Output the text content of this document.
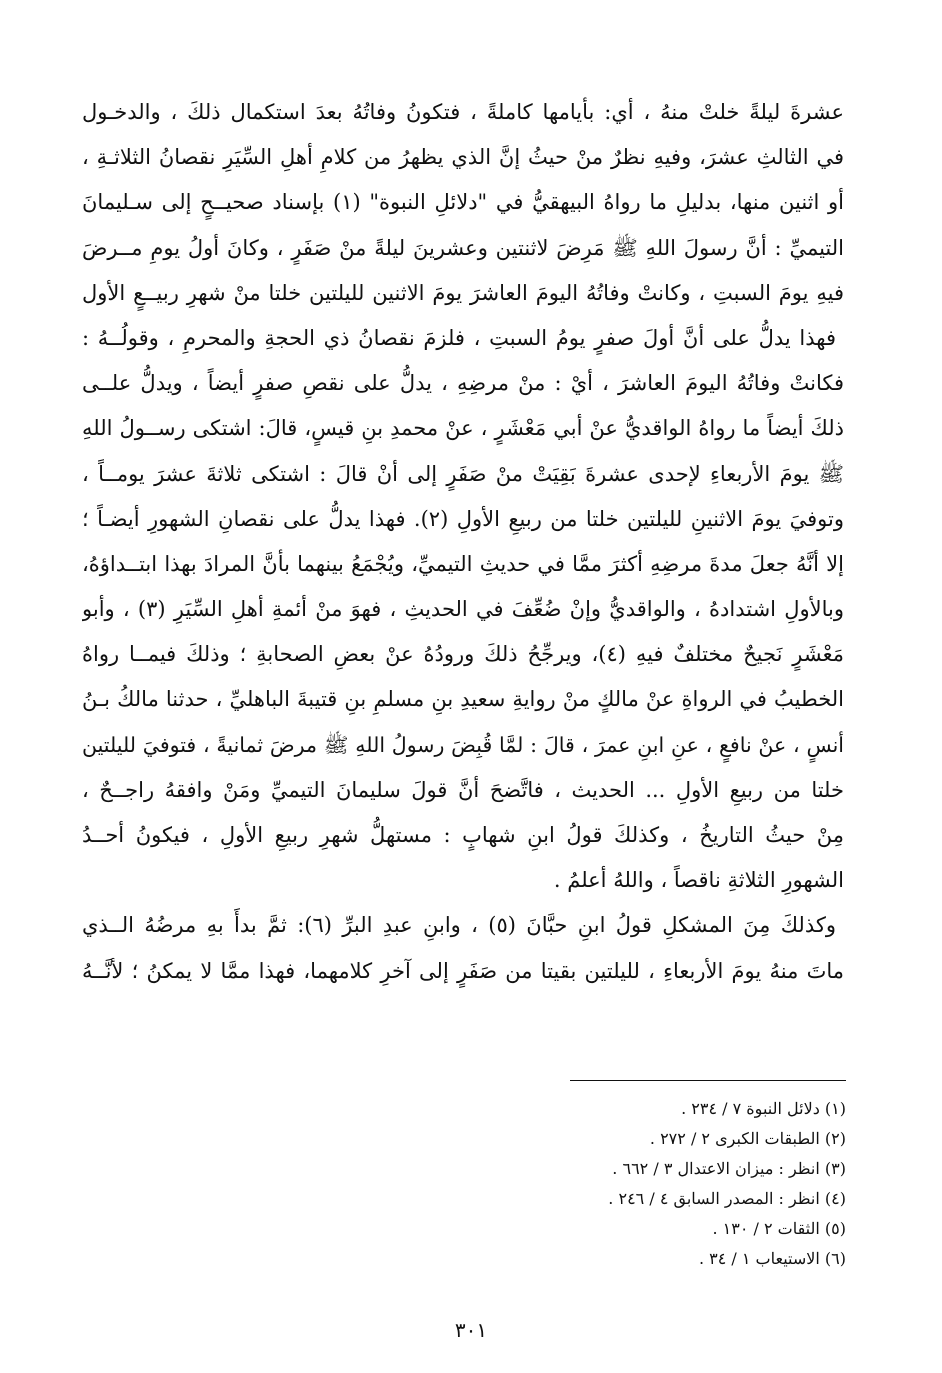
عشرةَ ليلةً خلتْ منهُ ، أي: بأيامها كاملةً ، فتكونُ وفاتُهُ بعدَ استكمال ذلكَ ، والدخـول
في الثالثِ عشرَ، وفيهِ نظرٌ منْ حيثُ إنَّ الذي يظهرُ من كلامِ أهلِ السِّيَرِ نقصانُ الثلاثـةِ ،
أو اثنين منها، بدليلِ ما رواهُ البيهقيُّ في "دلائلِ النبوة" (١) بإسناد صحيــحٍ إلى سـليمانَ
التيميِّ : أنَّ رسولَ اللهِ ﷺ مَرِضَ لاثنتين وعشرينَ ليلةً منْ صَفَرٍ ، وكانَ أولُ يومِ مــرضَ
فيهِ يومَ السبتِ ، وكانتْ وفاتُهُ اليومَ العاشرَ يومَ الاثنين لليلتين خلتا منْ شهرِ ربيــعٍ الأول
فهذا يدلُّ على أنَّ أولَ صفرٍ يومُ السبتِ ، فلزمَ نقصانُ ذي الحجةِ والمحرمِ ، وقولُــهُ :
فكانتْ وفاتُهُ اليومَ العاشرَ ، أيْ : منْ مرضِهِ ، يدلُّ على نقصِ صفرٍ أيضاً ، ويدلُّ علــى
ذلكَ أيضاً ما رواهُ الواقديُّ عنْ أبي مَعْشَرٍ ، عنْ محمدِ بنِ قيسٍ، قالَ: اشتكى رســولُ اللهِ
ﷺ يومَ الأربعاءِ لإحدى عشرةَ بَقِيَتْ منْ صَفَرٍ إلى أنْ قالَ : اشتكى ثلاثةَ عشرَ يومــاً ،
وتوفيَ يومَ الاثنينِ لليلتين خلتا من ربيعِ الأولِ (٢). فهذا يدلُّ على نقصانِ الشهورِ أيضـاً ؛
إلا أنَّهُ جعلَ مدةَ مرضِهِ أكثرَ ممَّا في حديثِ التيميِّ، ويُجْمَعُ بينهما بأنَّ المرادَ بهذا ابتــداؤهُ،
وبالأولِ اشتدادهُ ، والواقديُّ وإنْ ضُعِّفَ في الحديثِ ، فهوَ منْ أئمةِ أهلِ السِّيَرِ (٣) ، وأبو
مَعْشَرٍ نَجيحٌ مختلفٌ فيهِ (٤)، ويرجِّحُ ذلكَ ورودُهُ عنْ بعضِ الصحابةِ ؛ وذلكَ فيمــا رواهُ
الخطيبُ في الرواةِ عنْ مالكٍ منْ روايةِ سعيدِ بنِ مسلمِ بنِ قتيبةَ الباهليِّ ، حدثنا مالكُ بـنُ
أنسٍ ، عنْ نافعٍ ، عنِ ابنِ عمرَ ، قالَ : لمَّا قُبِضَ رسولُ اللهِ ﷺ مرضَ ثمانيةً ، فتوفيَ لليلتين
خلتا من ربيعِ الأولِ ... الحديث ، فاتَّضحَ أنَّ قولَ سليمانَ التيميِّ ومَنْ وافقهُ راجــحٌ ،
مِنْ حيثُ التاريخُ ، وكذلكَ قولُ ابنِ شهابٍ : مستهلُّ شهرِ ربيعِ الأولِ ، فيكونُ أحــدُ
الشهورِ الثلاثةِ ناقصاً ، واللهُ أعلمُ .
وكذلكَ مِنَ المشكلِ قولُ ابنِ حبَّانَ (٥) ، وابنِ عبدِ البرِّ (٦): ثمَّ بدأَ بهِ مرضُهُ الــذي
ماتَ منهُ يومَ الأربعاءِ ، لليلتين بقيتا من صَفَرٍ إلى آخرِ كلامهما، فهذا ممَّا لا يمكنُ ؛ لأنَّــهُ
(١) دلائل النبوة ٧ / ٢٣٤ .
(٢) الطبقات الكبرى ٢ / ٢٧٢ .
(٣) انظر : ميزان الاعتدال ٣ / ٦٦٢ .
(٤) انظر : المصدر السابق ٤ / ٢٤٦ .
(٥) الثقات ٢ / ١٣٠ .
(٦) الاستيعاب ١ / ٣٤ .
٣٠١
